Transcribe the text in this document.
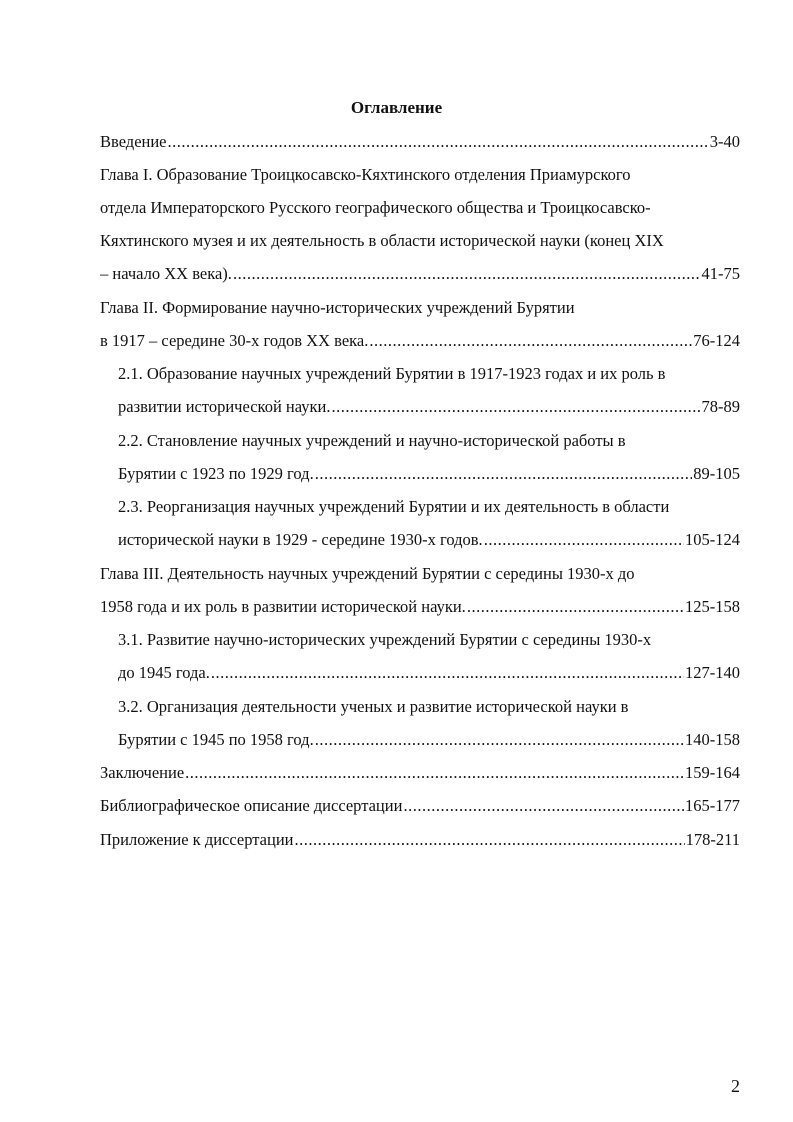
Оглавление
Введение .....	3-40
Глава I. Образование Троицкосавско-Кяхтинского отделения Приамурского
отдела Императорского Русского географического общества и Троицкосавско-
Кяхтинского музея и их деятельность в области исторической науки (конец XIX
– начало XX века). .....	41-75
Глава II. Формирование научно-исторических учреждений Бурятии
в 1917 – середине 30-х годов XX века. .....	76-124
2.1. Образование научных учреждений Бурятии в 1917-1923 годах и их роль в
развитии исторической науки. .....	78-89
2.2. Становление научных учреждений и научно-исторической работы в
Бурятии с 1923 по 1929 год. .....	89-105
2.3. Реорганизация научных учреждений Бурятии и их деятельность в области
исторической науки в 1929 - середине 1930-х годов. .....	105-124
Глава III. Деятельность научных учреждений Бурятии с середины 1930-х до
1958 года и их роль в развитии исторической науки. .....	125-158
3.1. Развитие научно-исторических учреждений Бурятии с середины 1930-х
до 1945 года. .....	127-140
3.2. Организация деятельности ученых и развитие исторической науки в
Бурятии с 1945 по 1958 год. .....	140-158
Заключение .....	159-164
Библиографическое описание диссертации .....	165-177
Приложение к диссертации .....	178-211
2
